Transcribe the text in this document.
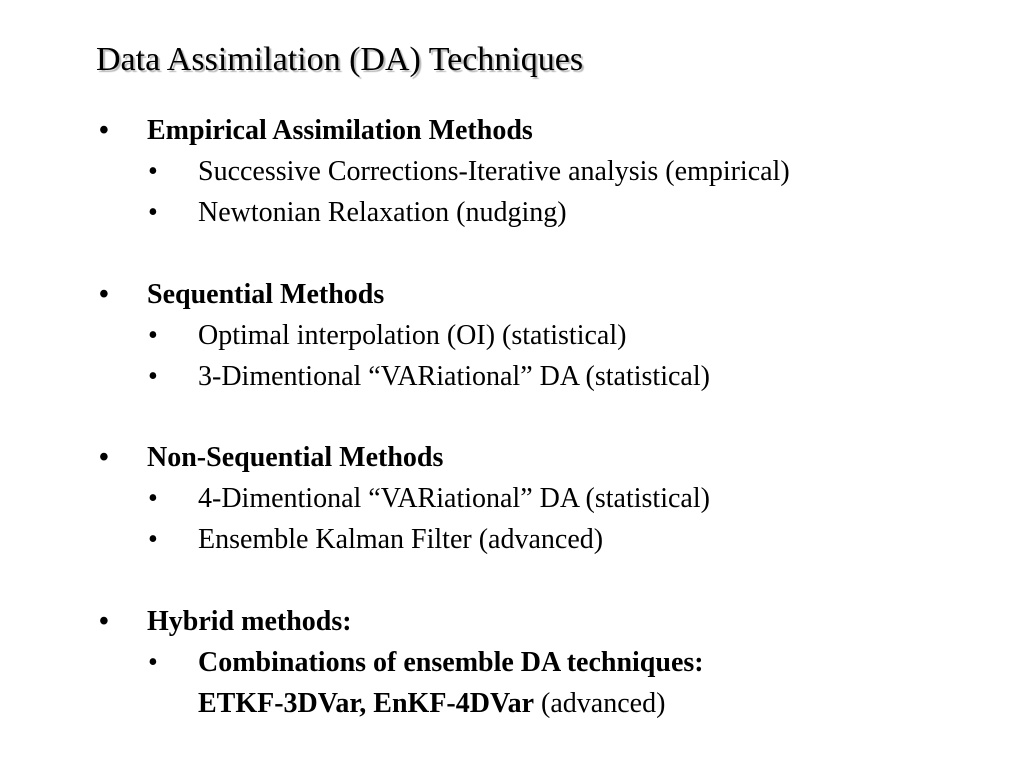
Data Assimilation (DA) Techniques
•	Empirical Assimilation Methods
•	Successive Corrections-Iterative analysis (empirical)
•	Newtonian Relaxation (nudging)
•	Sequential Methods
•	Optimal interpolation (OI) (statistical)
•	3-Dimentional “VARiational” DA (statistical)
•	Non-Sequential Methods
•	4-Dimentional “VARiational” DA (statistical)
•	Ensemble Kalman Filter (advanced)
•	Hybrid methods:
•	Combinations of ensemble DA techniques:
ETKF-3DVar, EnKF-4DVar (advanced)
